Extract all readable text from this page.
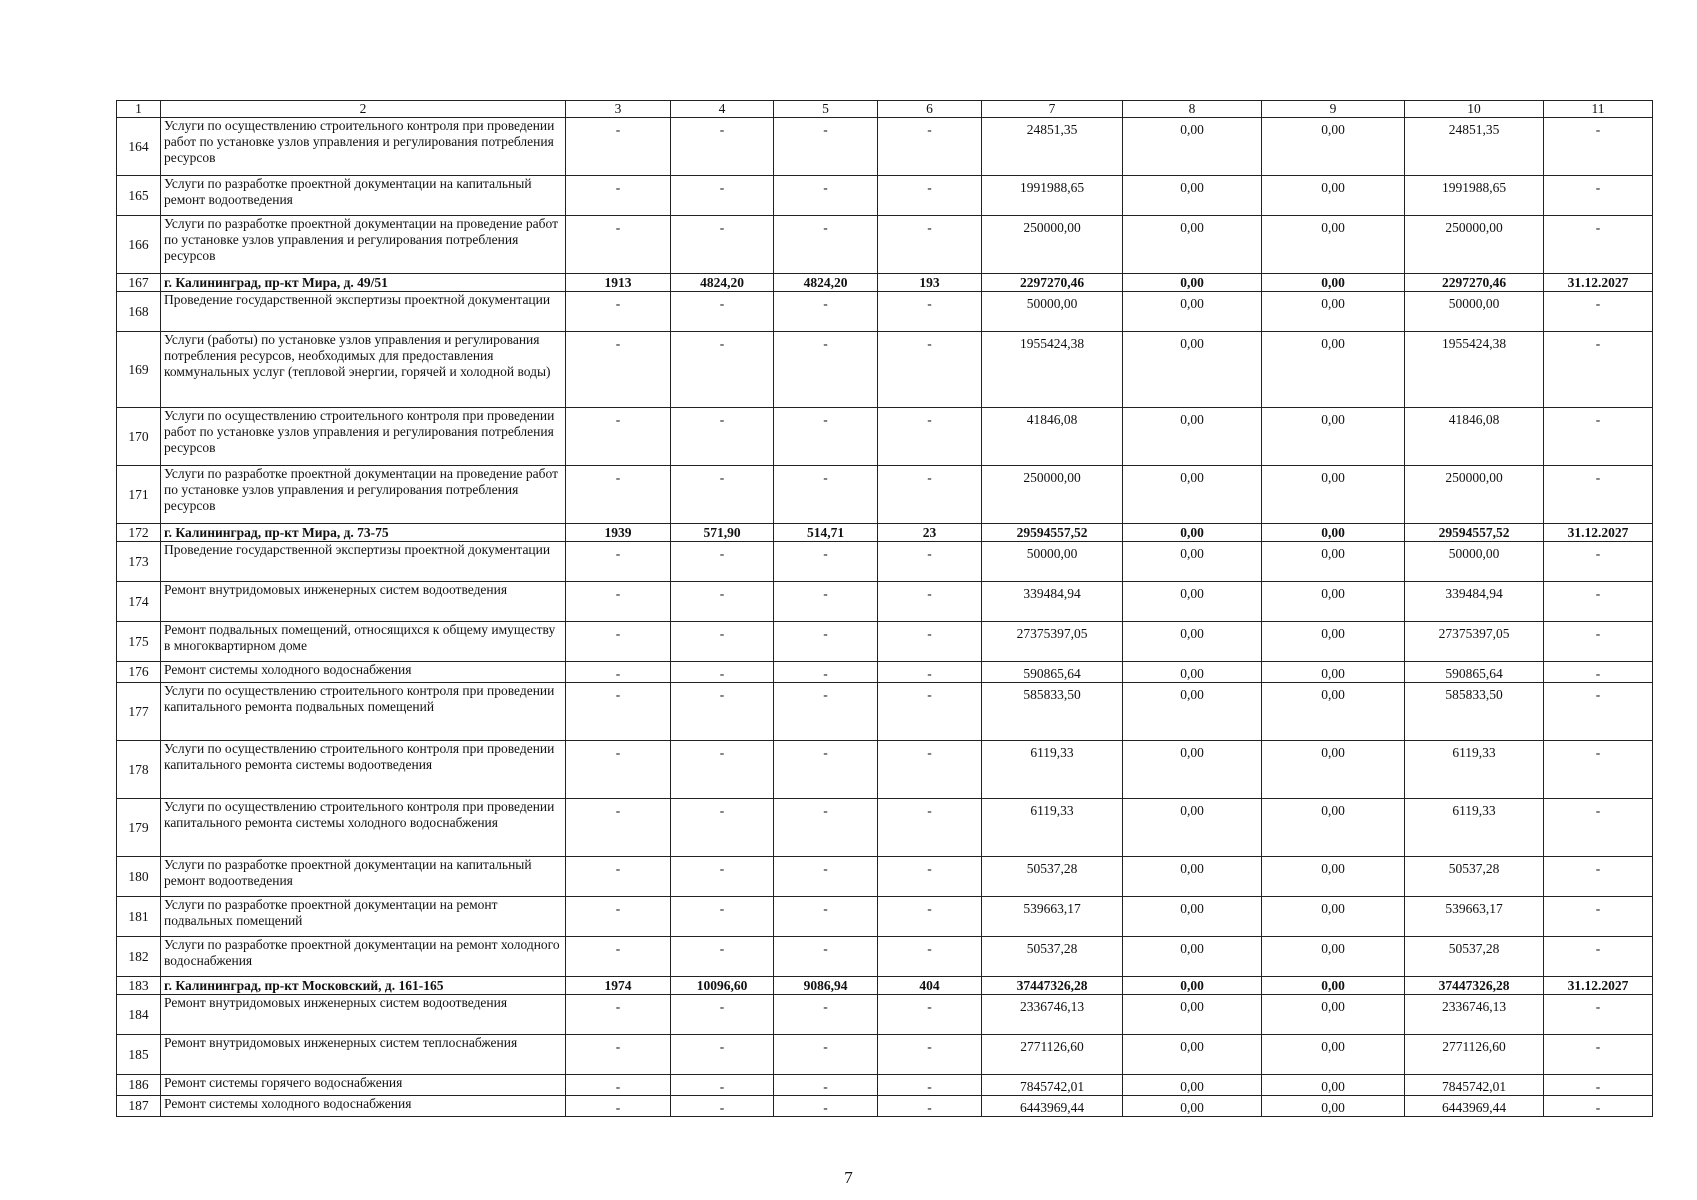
1	2	3	4	5	6	7	8	9	10	11
164	Услуги по осуществлению строительного контроля при проведении работ по установке узлов управления и регулирования потребления ресурсов	-	-	-	-	24851,35	0,00	0,00	24851,35	-
165	Услуги по разработке проектной документации на капитальный ремонт водоотведения	-	-	-	-	1991988,65	0,00	0,00	1991988,65	-
166	Услуги по разработке проектной документации на проведение работ по установке узлов управления и регулирования потребления ресурсов	-	-	-	-	250000,00	0,00	0,00	250000,00	-
167	г. Калининград, пр-кт Мира, д. 49/51	1913	4824,20	4824,20	193	2297270,46	0,00	0,00	2297270,46	31.12.2027
168	Проведение государственной экспертизы проектной документации	-	-	-	-	50000,00	0,00	0,00	50000,00	-
169	Услуги (работы) по установке узлов управления и регулирования потребления ресурсов, необходимых для предоставления коммунальных услуг (тепловой энергии, горячей и холодной воды)	-	-	-	-	1955424,38	0,00	0,00	1955424,38	-
170	Услуги по осуществлению строительного контроля при проведении работ по установке узлов управления и регулирования потребления ресурсов	-	-	-	-	41846,08	0,00	0,00	41846,08	-
171	Услуги по разработке проектной документации на проведение работ по установке узлов управления и регулирования потребления ресурсов	-	-	-	-	250000,00	0,00	0,00	250000,00	-
172	г. Калининград, пр-кт Мира, д. 73-75	1939	571,90	514,71	23	29594557,52	0,00	0,00	29594557,52	31.12.2027
173	Проведение государственной экспертизы проектной документации	-	-	-	-	50000,00	0,00	0,00	50000,00	-
174	Ремонт внутридомовых инженерных систем водоотведения	-	-	-	-	339484,94	0,00	0,00	339484,94	-
175	Ремонт подвальных помещений, относящихся к общему имуществу в многоквартирном доме	-	-	-	-	27375397,05	0,00	0,00	27375397,05	-
176	Ремонт системы холодного водоснабжения	-	-	-	-	590865,64	0,00	0,00	590865,64	-
177	Услуги по осуществлению строительного контроля при проведении капитального ремонта подвальных помещений	-	-	-	-	585833,50	0,00	0,00	585833,50	-
178	Услуги по осуществлению строительного контроля при проведении капитального ремонта системы водоотведения	-	-	-	-	6119,33	0,00	0,00	6119,33	-
179	Услуги по осуществлению строительного контроля при проведении капитального ремонта системы холодного водоснабжения	-	-	-	-	6119,33	0,00	0,00	6119,33	-
180	Услуги по разработке проектной документации на капитальный ремонт водоотведения	-	-	-	-	50537,28	0,00	0,00	50537,28	-
181	Услуги по разработке проектной документации на ремонт подвальных помещений	-	-	-	-	539663,17	0,00	0,00	539663,17	-
182	Услуги по разработке проектной документации на ремонт холодного водоснабжения	-	-	-	-	50537,28	0,00	0,00	50537,28	-
183	г. Калининград, пр-кт Московский, д. 161-165	1974	10096,60	9086,94	404	37447326,28	0,00	0,00	37447326,28	31.12.2027
184	Ремонт внутридомовых инженерных систем водоотведения	-	-	-	-	2336746,13	0,00	0,00	2336746,13	-
185	Ремонт внутридомовых инженерных систем теплоснабжения	-	-	-	-	2771126,60	0,00	0,00	2771126,60	-
186	Ремонт системы горячего водоснабжения	-	-	-	-	7845742,01	0,00	0,00	7845742,01	-
187	Ремонт системы холодного водоснабжения	-	-	-	-	6443969,44	0,00	0,00	6443969,44	-
7
